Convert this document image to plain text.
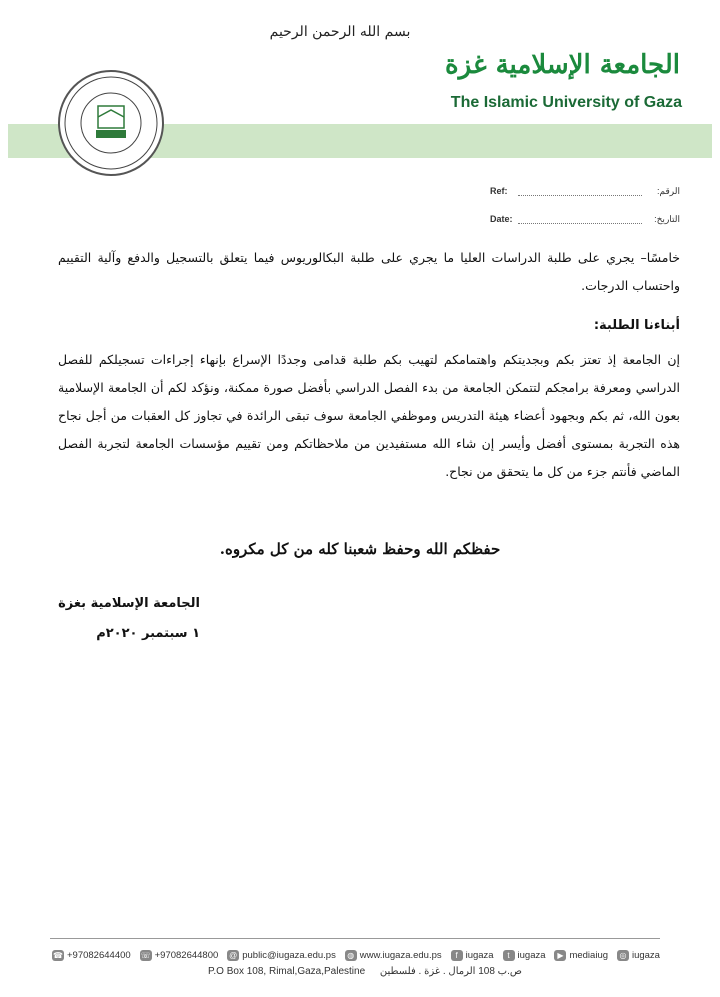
بسم الله الرحمن الرحيم
الجامعة الإسلامية غزة
The Islamic University of Gaza
الرقم:
Ref:
التاريخ:
Date:

خامسًا– يجري على طلبة الدراسات العليا ما يجري على طلبة البكالوريوس فيما يتعلق بالتسجيل والدفع وآلية التقييم واحتساب الدرجات.

أبناءنا الطلبة:

إن الجامعة إذ تعتز بكم وبجديتكم واهتمامكم لتهيب بكم طلبة قدامى وجددًا الإسراع بإنهاء إجراءات تسجيلكم للفصل الدراسي ومعرفة برامجكم لتتمكن الجامعة من بدء الفصل الدراسي بأفضل صورة ممكنة، ونؤكد لكم أن الجامعة الإسلامية بعون الله، ثم بكم وبجهود أعضاء هيئة التدريس وموظفي الجامعة سوف تبقى الرائدة في تجاوز كل العقبات من أجل نجاح هذه التجربة بمستوى أفضل وأيسر إن شاء الله مستفيدين من ملاحظاتكم ومن تقييم مؤسسات الجامعة لتجربة الفصل الماضي فأنتم جزء من كل ما يتحقق من نجاح.

حفظكم الله وحفظ شعبنا كله من كل مكروه.
الجامعة الإسلامية بغزة
١ سبتمبر ٢٠٢٠م
☎ +97082644400 ☏ +97082644800 @ public@iugaza.edu.ps	◍ www.iugaza.edu.ps	f iugaza	t iugaza	▶ mediaiug	◎ iugaza
P.O Box 108, Rimal,Gaza,Palestine ص.ب 108 الرمال . غزة . فلسطين
